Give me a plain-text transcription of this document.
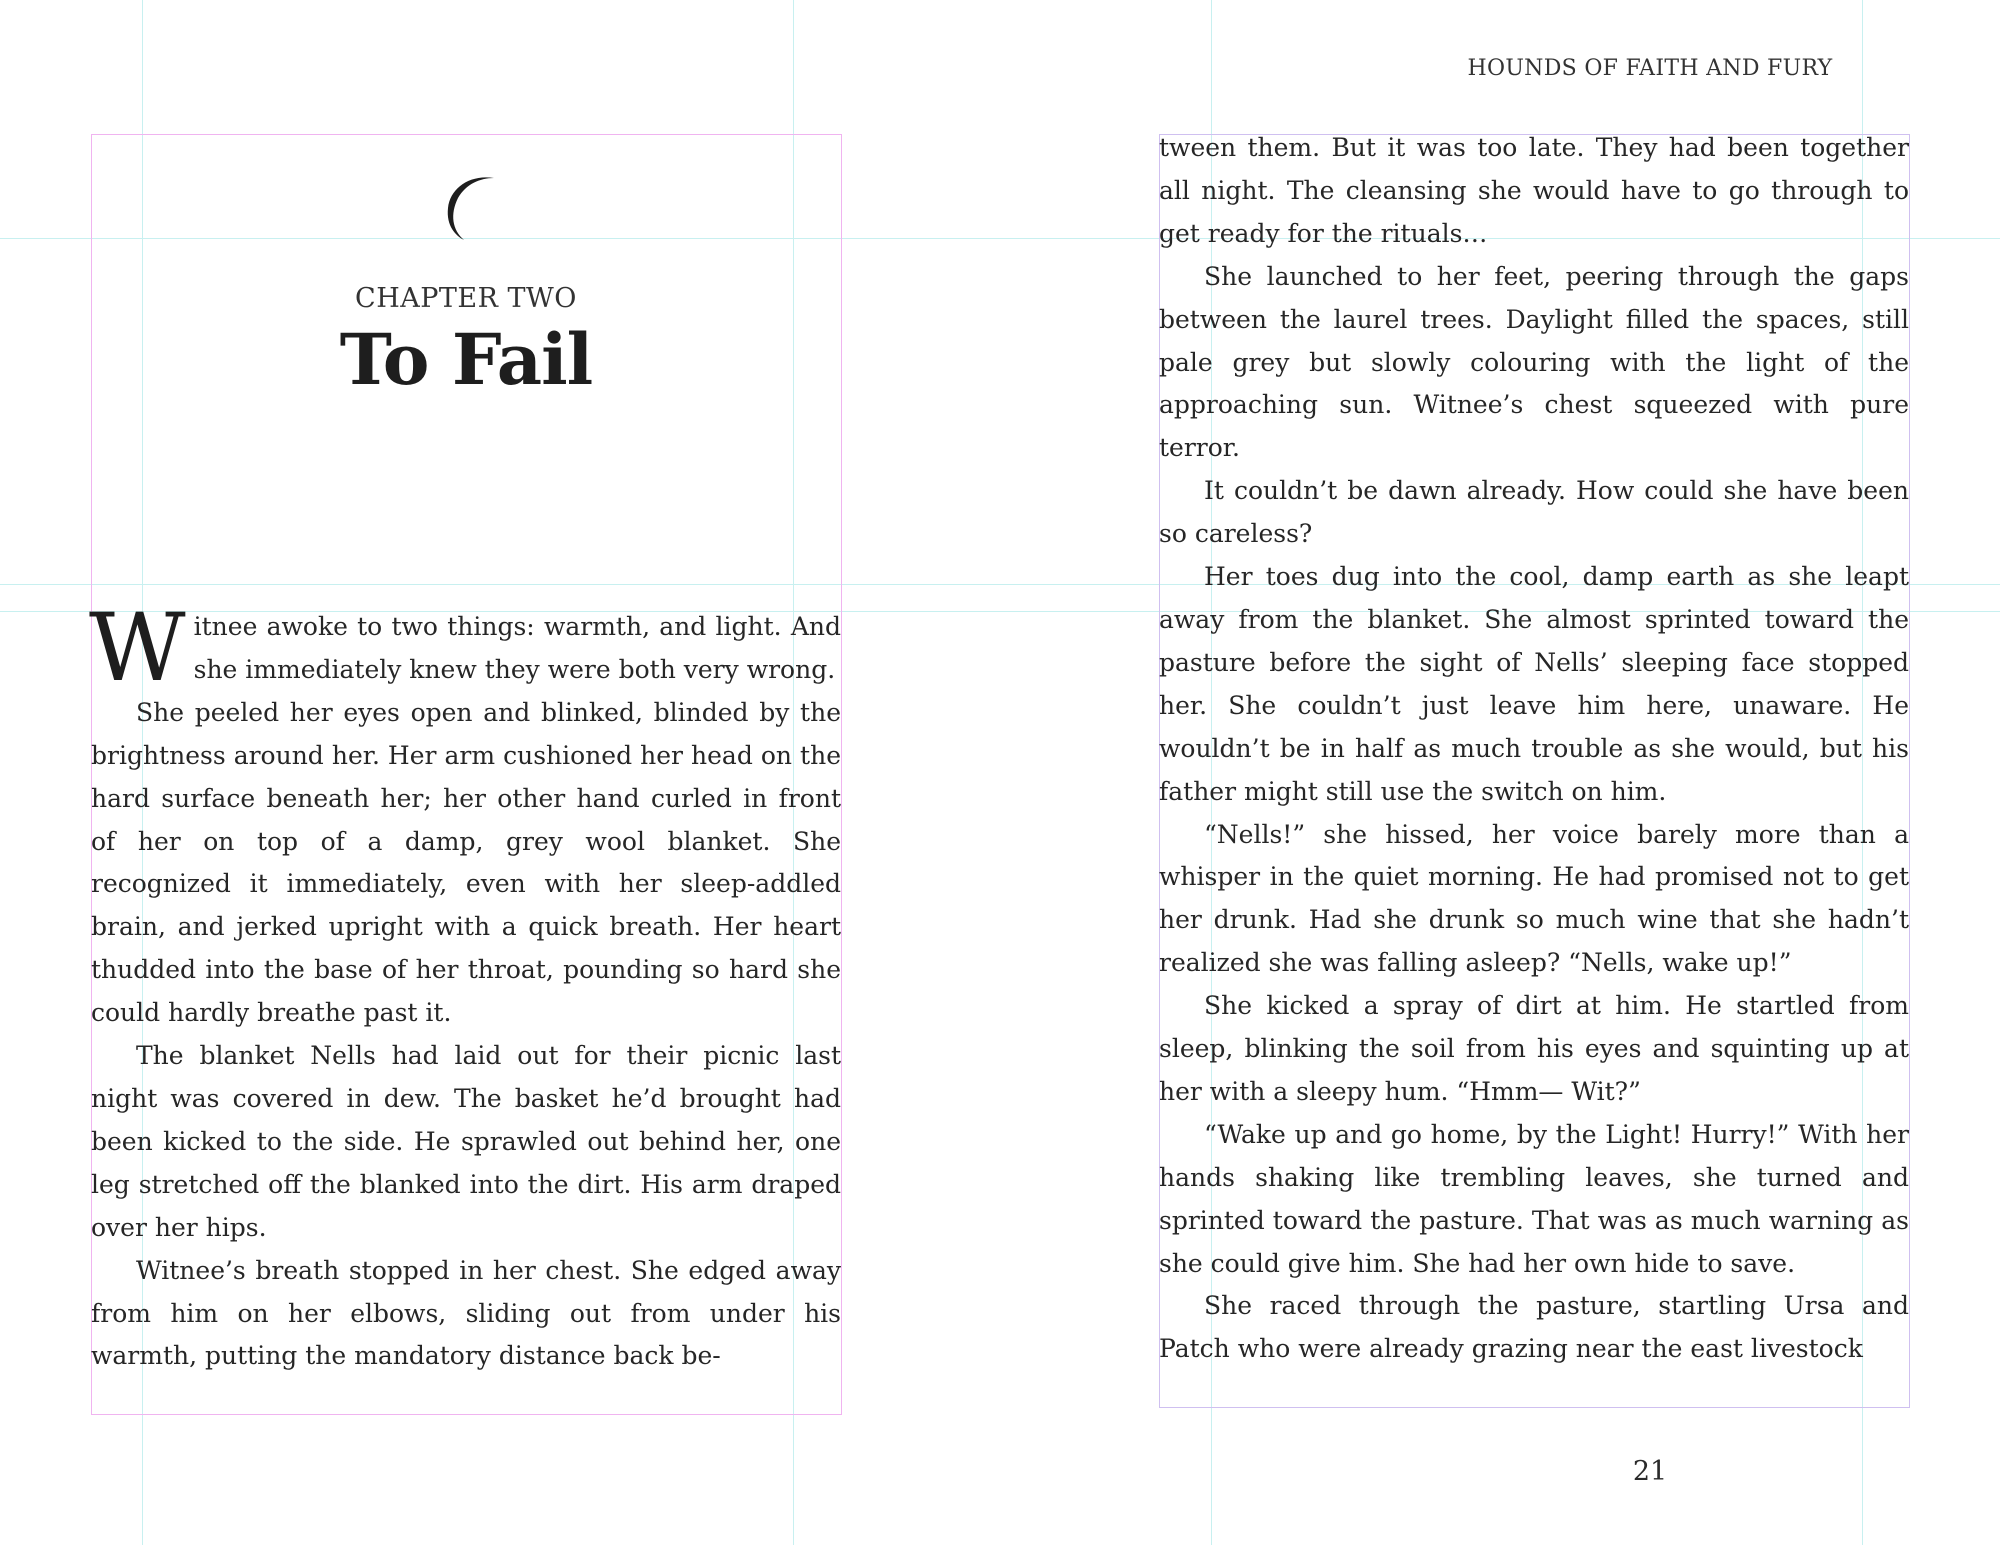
CHAPTER TWO
To Fail

Witnee awoke to two things: warmth, and light. And she immediately knew they were both very wrong.

She peeled her eyes open and blinked, blinded by the brightness around her. Her arm cushioned her head on the hard surface beneath her; her other hand curled in front of her on top of a damp, grey wool blanket. She recognized it immediately, even with her sleep-addled brain, and jerked upright with a quick breath. Her heart thudded into the base of her throat, pounding so hard she could hardly breathe past it.

The blanket Nells had laid out for their picnic last night was covered in dew. The basket he’d brought had been kicked to the side. He sprawled out behind her, one leg stretched off the blanked into the dirt. His arm draped over her hips.

Witnee’s breath stopped in her chest. She edged away from him on her elbows, sliding out from under his warmth, putting the mandatory distance back be-

HOUNDS OF FAITH AND FURY

tween them. But it was too late. They had been together all night. The cleansing she would have to go through to get ready for the rituals…

She launched to her feet, peering through the gaps between the laurel trees. Daylight filled the spaces, still pale grey but slowly colouring with the light of the approaching sun. Witnee’s chest squeezed with pure terror.

It couldn’t be dawn already. How could she have been so careless?

Her toes dug into the cool, damp earth as she leapt away from the blanket. She almost sprinted toward the pasture before the sight of Nells’ sleeping face stopped her. She couldn’t just leave him here, unaware. He wouldn’t be in half as much trouble as she would, but his father might still use the switch on him.

“Nells!” she hissed, her voice barely more than a whisper in the quiet morning. He had promised not to get her drunk. Had she drunk so much wine that she hadn’t realized she was falling asleep? “Nells, wake up!”

She kicked a spray of dirt at him. He startled from sleep, blinking the soil from his eyes and squinting up at her with a sleepy hum. “Hmm— Wit?”

“Wake up and go home, by the Light! Hurry!” With her hands shaking like trembling leaves, she turned and sprinted toward the pasture. That was as much warning as she could give him. She had her own hide to save.

She raced through the pasture, startling Ursa and Patch who were already grazing near the east livestock

21
